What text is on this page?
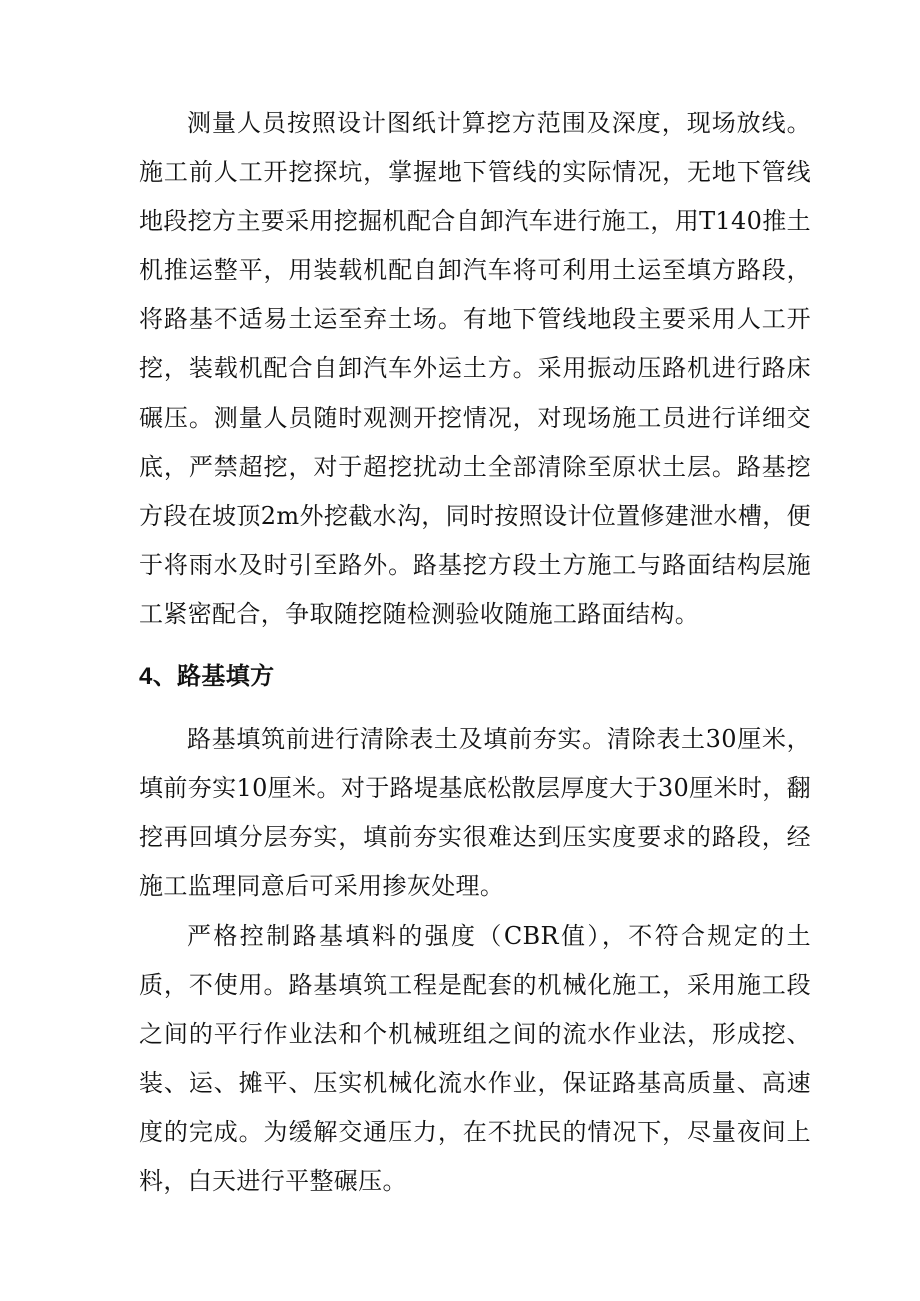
测量人员按照设计图纸计算挖方范围及深度，现场放线。施工前人工开挖探坑，掌握地下管线的实际情况，无地下管线地段挖方主要采用挖掘机配合自卸汽车进行施工，用T140推土机推运整平，用装载机配自卸汽车将可利用土运至填方路段，将路基不适易土运至弃土场。有地下管线地段主要采用人工开挖，装载机配合自卸汽车外运土方。采用振动压路机进行路床碾压。测量人员随时观测开挖情况，对现场施工员进行详细交底，严禁超挖，对于超挖扰动土全部清除至原状土层。路基挖方段在坡顶2m外挖截水沟，同时按照设计位置修建泄水槽，便于将雨水及时引至路外。路基挖方段土方施工与路面结构层施工紧密配合，争取随挖随检测验收随施工路面结构。

4、路基填方

路基填筑前进行清除表土及填前夯实。清除表土30厘米，填前夯实10厘米。对于路堤基底松散层厚度大于30厘米时，翻挖再回填分层夯实，填前夯实很难达到压实度要求的路段，经施工监理同意后可采用掺灰处理。

严格控制路基填料的强度（CBR值），不符合规定的土质，不使用。路基填筑工程是配套的机械化施工，采用施工段之间的平行作业法和个机械班组之间的流水作业法，形成挖、装、运、摊平、压实机械化流水作业，保证路基高质量、高速度的完成。为缓解交通压力，在不扰民的情况下，尽量夜间上料，白天进行平整碾压。
